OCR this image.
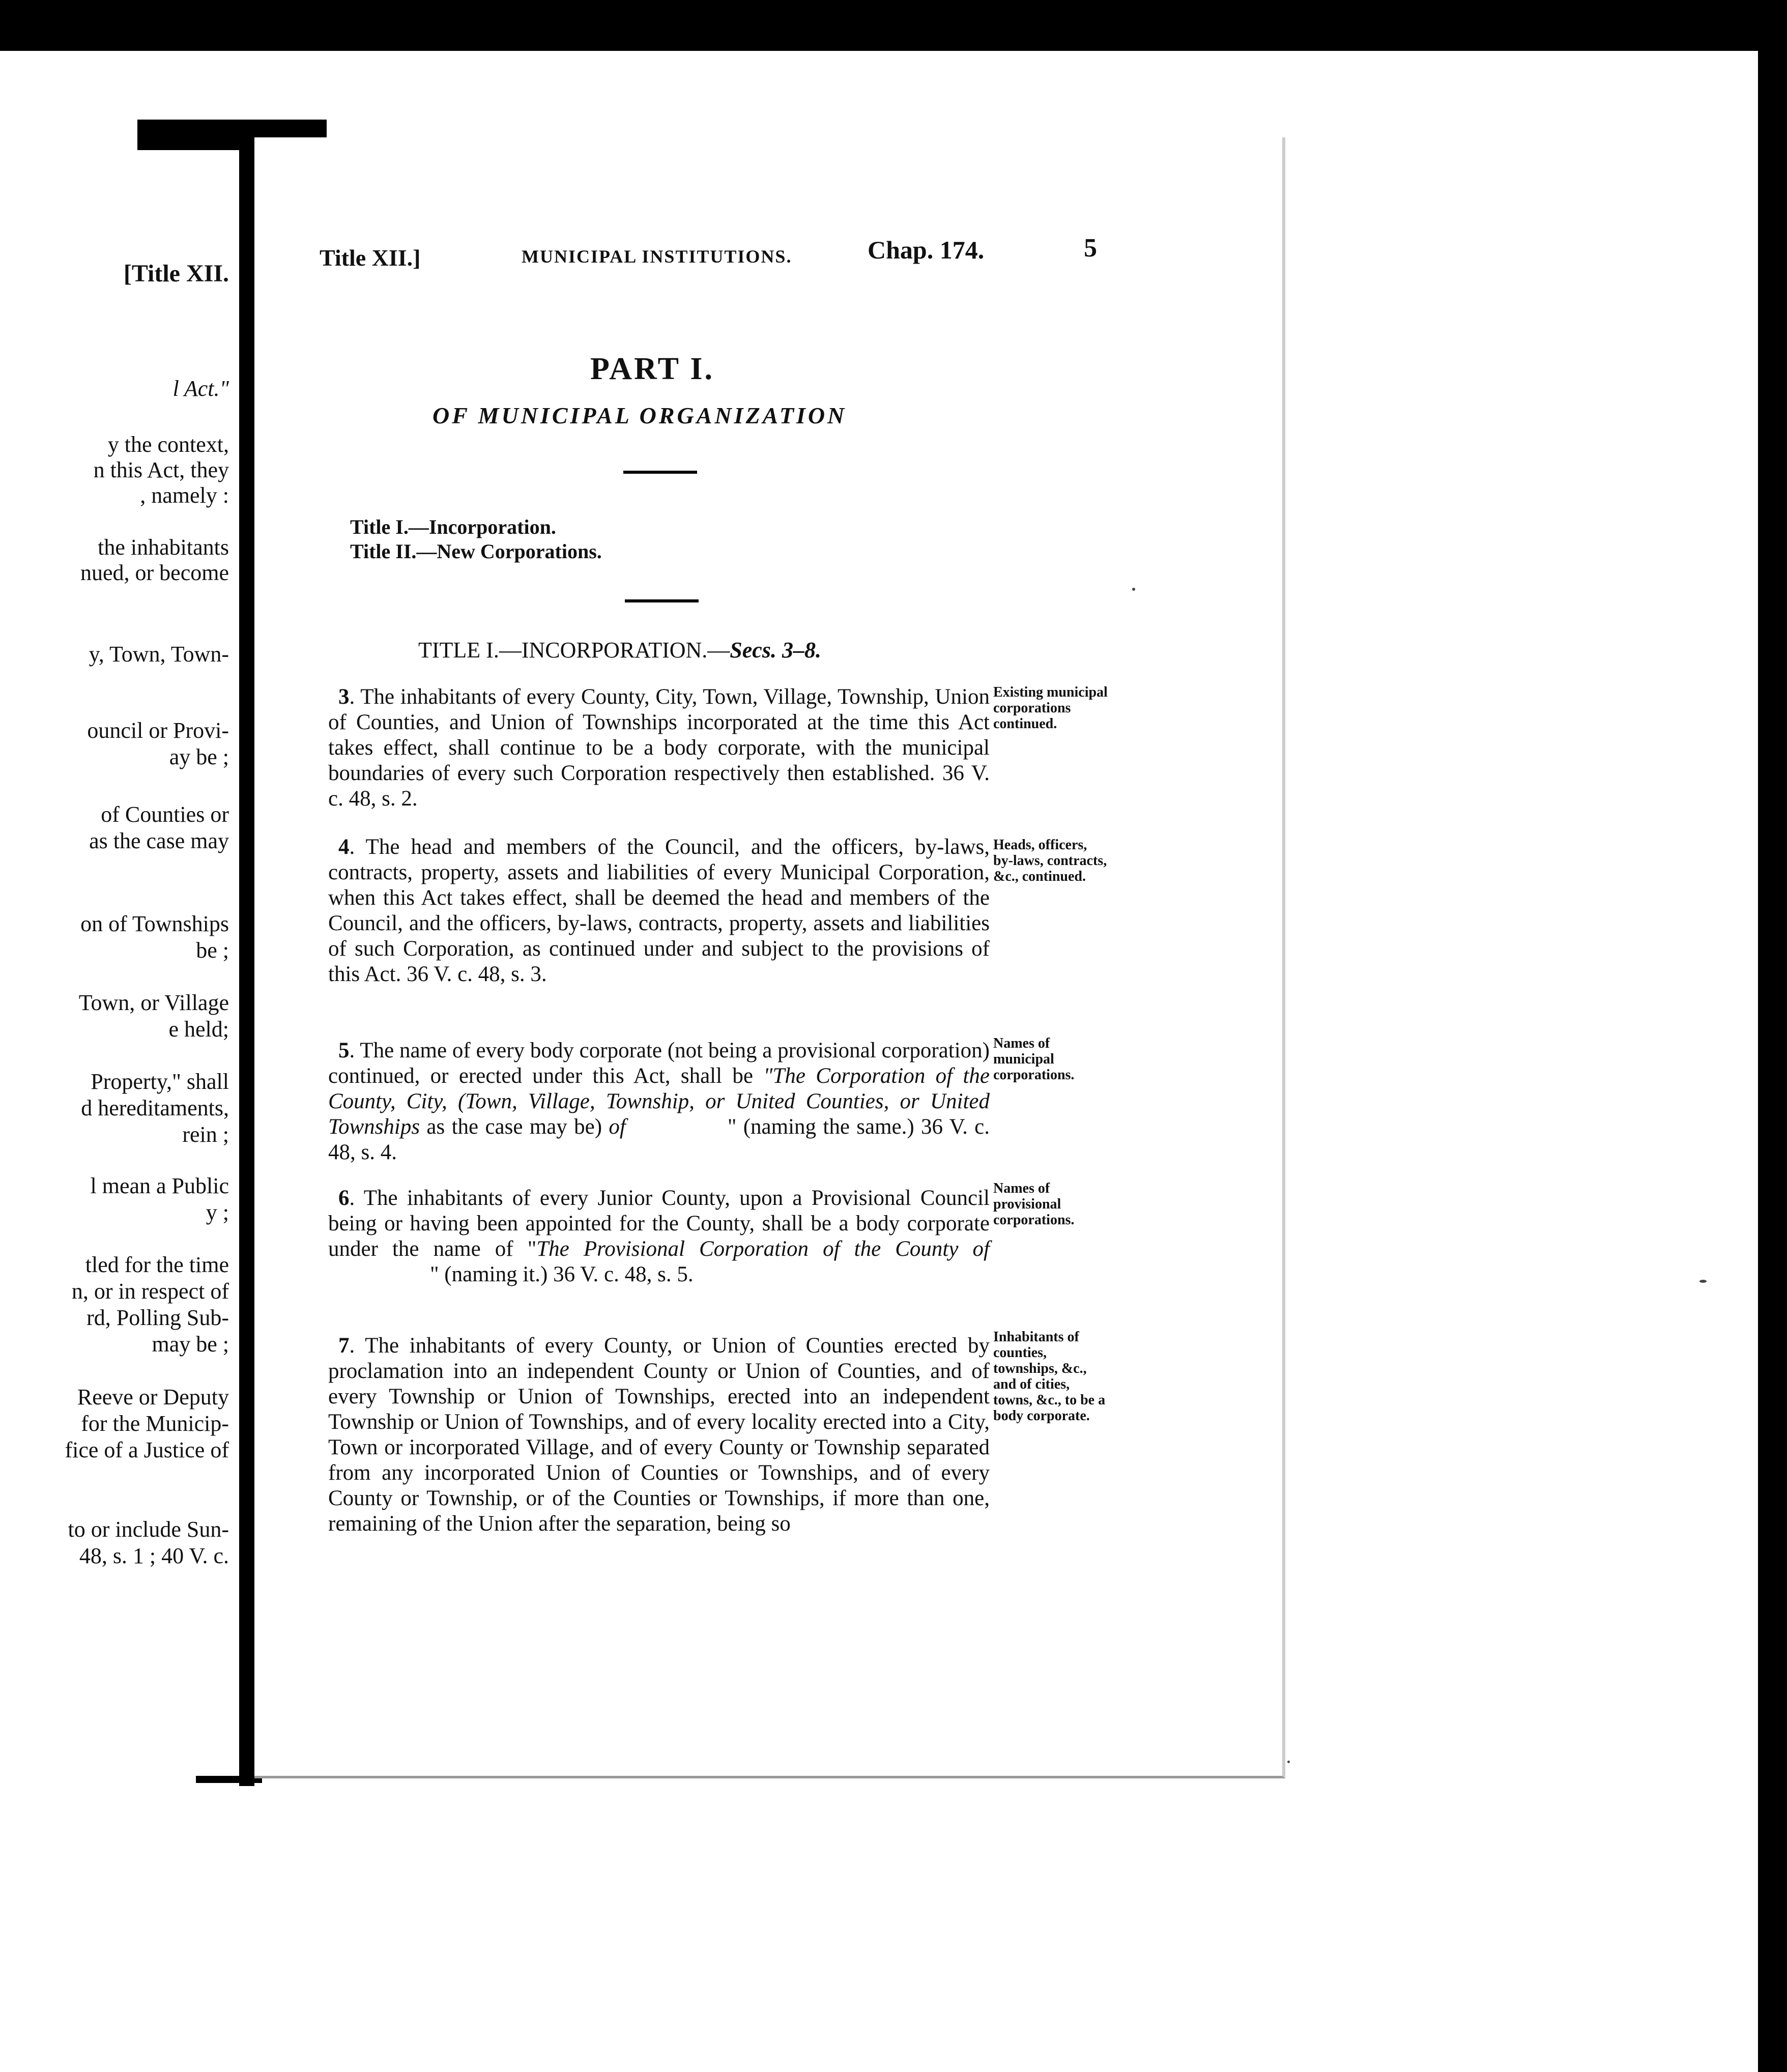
[Title XII.
l Act."
y the context,
n this Act, they
, namely :
the inhabitants
nued, or become
y, Town, Town-
ouncil or Provi-
ay be ;
of Counties or
as the case may
on of Townships
be ;
Town, or Village
e held;
Property," shall
d hereditaments,
rein ;
l mean a Public
y ;
tled for the time
n, or in respect of
rd, Polling Sub-
may be ;
Reeve or Deputy
for the Municip-
fice of a Justice of
to or include Sun-
48, s. 1 ; 40 V. c.
Title XII.]	MUNICIPAL INSTITUTIONS.	Chap. 174.	5
PART I.
OF MUNICIPAL ORGANIZATION
Title I.—Incorporation.
Title II.—New Corporations.
TITLE I.—INCORPORATION.—Secs. 3–8.
3. The inhabitants of every County, City, Town, Village, Township, Union of Counties, and Union of Townships incorporated at the time this Act takes effect, shall continue to be a body corporate, with the municipal boundaries of every such Corporation respectively then established. 36 V. c. 48, s. 2.
Existing municipal corporations continued.
4. The head and members of the Council, and the officers, by-laws, contracts, property, assets and liabilities of every Municipal Corporation, when this Act takes effect, shall be deemed the head and members of the Council, and the officers, by-laws, contracts, property, assets and liabilities of such Corporation, as continued under and subject to the provisions of this Act. 36 V. c. 48, s. 3.
Heads, officers, by-laws, contracts, &c., continued.
5. The name of every body corporate (not being a provisional corporation) continued, or erected under this Act, shall be "The Corporation of the County, City, (Town, Village, Township, or United Counties, or United Townships as the case may be) of	" (naming the same.) 36 V. c. 48, s. 4.
Names of municipal corporations.
6. The inhabitants of every Junior County, upon a Provisional Council being or having been appointed for the County, shall be a body corporate under the name of "The Provisional Corporation of the County of" (naming it.) 36 V. c. 48, s. 5.
Names of provisional corporations.
7. The inhabitants of every County, or Union of Counties erected by proclamation into an independent County or Union of Counties, and of every Township or Union of Townships, erected into an independent Township or Union of Townships, and of every locality erected into a City, Town or incorporated Village, and of every County or Township separated from any incorporated Union of Counties or Townships, and of every County or Township, or of the Counties or Townships, if more than one, remaining of the Union after the separation, being so
Inhabitants of counties, townships, &c., and of cities, towns, &c., to be a body corporate.
